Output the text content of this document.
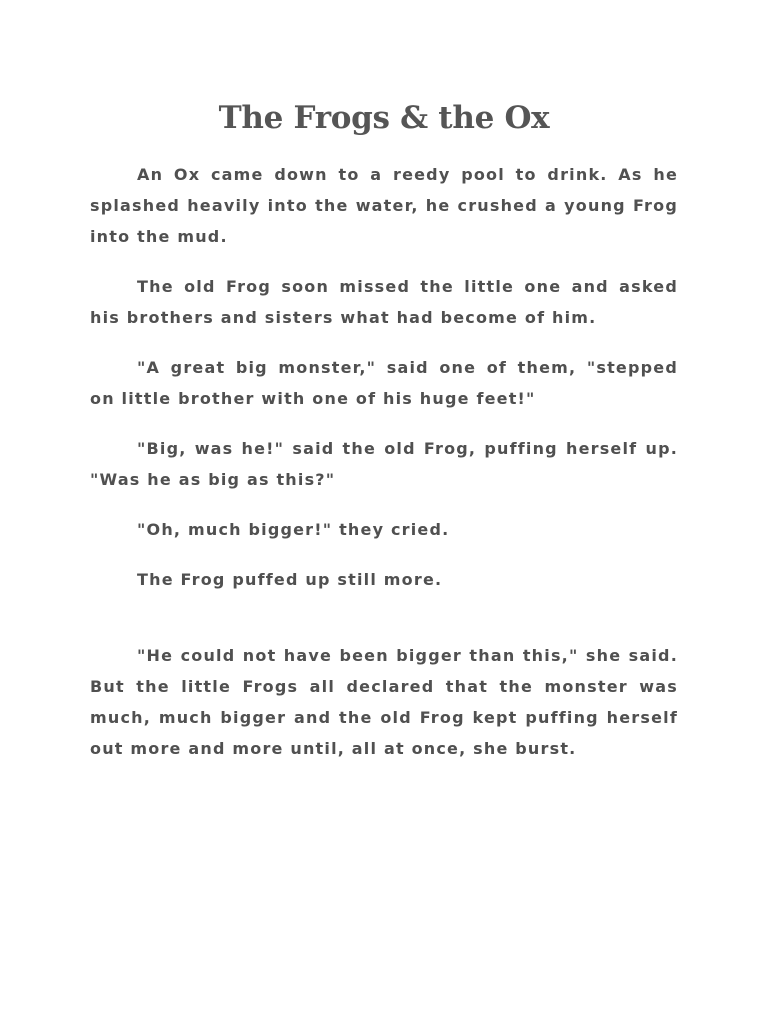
The Frogs & the Ox

An Ox came down to a reedy pool to drink. As he splashed heavily into the water, he crushed a young Frog into the mud.

The old Frog soon missed the little one and asked his brothers and sisters what had become of him.

"A great big monster," said one of them, "stepped on little brother with one of his huge feet!"

"Big, was he!" said the old Frog, puffing herself up. "Was he as big as this?"

"Oh, much bigger!" they cried.

The Frog puffed up still more.

"He could not have been bigger than this," she said. But the little Frogs all declared that the monster was much, much bigger and the old Frog kept puffing herself out more and more until, all at once, she burst.
